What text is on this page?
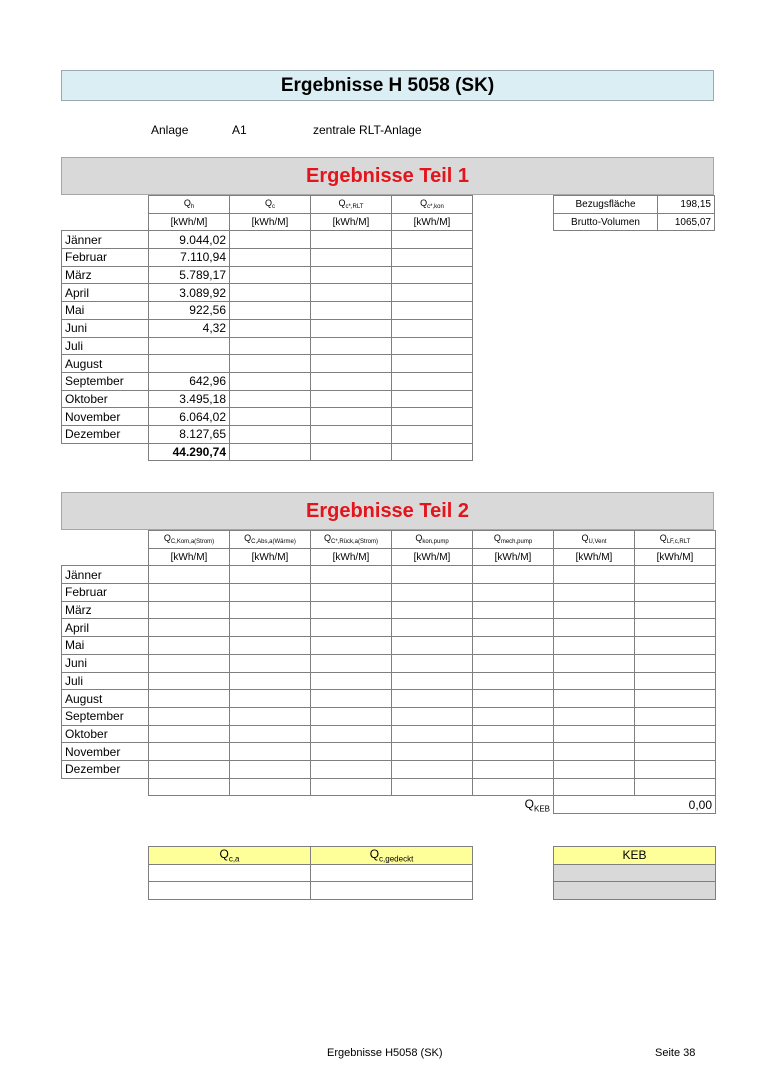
Ergebnisse H 5058 (SK)
Anlage	A1	zentrale RLT-Anlage
Ergebnisse Teil 1
	$Q_h$	$Q_c$	$Q_{c*,RLT}$	$Q_{c*,kon}$
	[kWh/M]	[kWh/M]	[kWh/M]	[kWh/M]
Jänner	9.044,02			
Februar	7.110,94			
März	5.789,17			
April	3.089,92			
Mai	922,56			
Juni	4,32			
Juli				
August				
September	642,96			
Oktober	3.495,18			
November	6.064,02			
Dezember	8.127,65			
	44.290,74			
Bezugsfläche	198,15
Brutto-Volumen	1065,07
Ergebnisse Teil 2
	$Q_{C,Kom,a(Strom)}$	$Q_{C,Abs,a(Wärme)}$	$Q_{C*,Rück,a(Strom)}$	$Q_{kon,pump}$	$Q_{mech,pump}$	$Q_{U,Vent}$	$Q_{LF,c,RLT}$
	[kWh/M]	[kWh/M]	[kWh/M]	[kWh/M]	[kWh/M]	[kWh/M]	[kWh/M]
Jänner							
Februar							
März							
April							
Mai							
Juni							
Juli							
August							
September							
Oktober							
November							
Dezember							

					$Q_{KEB}$	0,00	
$Q_{c,a}$	$Q_{c,gedeckt}$

		KEB

Ergebnisse H5058 (SK)	Seite 38
